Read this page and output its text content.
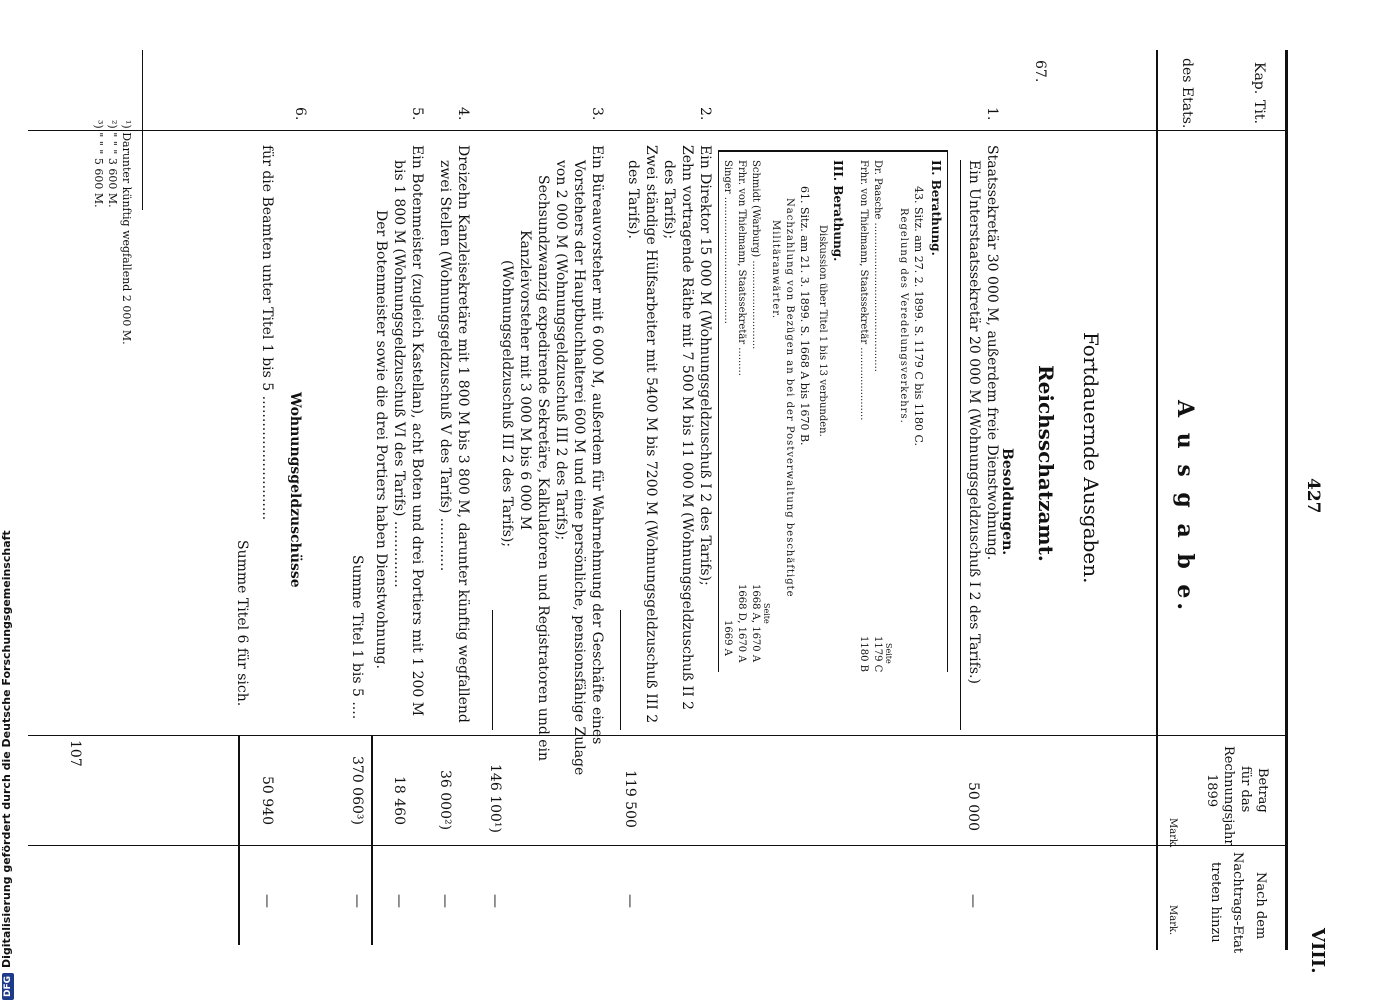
427
VIII.
Kap.
Tit.
des Etats.
Betrag
für das
Rechnungsjahr
1899
Mark.
Nach dem
Nachtrags-Etat
treten hinzu
Mark.
A u s g a b e.
Fortdauernde Ausgaben.
Reichsschatzamt.
67.
Besoldungen.
1.
Staatssekretär 30 000 M, außerdem freie Dienstwohnung.
Ein Unterstaatssekretär 20 000 M (Wohnungsgeldzuschuß I 2 des Tarifs.)
50 000
—
II. Berathung.
43. Sitz. am 27. 2. 1899. S. 1179 C bis 1180 C.
Regelung des Veredelungsverkehrs.
Seite
Dr. Paasche ...............................................
1179 C
Frhr. von Thielmann, Staatssekretär .......................
1180 B
III. Berathung.
Diskussion über Titel 1 bis 13 verbunden.
61. Sitz. am 21. 3. 1899. S. 1668 A bis 1670 B.
Nachzahlung von Bezügen an bei der Postverwaltung beschäftigte
Militäranwärter.
Seite
Schmidt (Warburg) ............................
1668 A, 1670 A
Frhr. von Thielmann, Staatssekretär .........
1668 D, 1670 A
Singer ........................................
1669 A
2.
Ein Direktor 15 000 M (Wohnungsgeldzuschuß I 2 des Tarifs);
Zehn vortragende Räthe mit 7 500 M bis 11 000 M (Wohnungsgeldzuschuß II 2
des Tarifs);
Zwei ständige Hülfsarbeiter mit 5400 M bis 7200 M (Wohnungsgeldzuschuß III 2
des Tarifs).
119 500
—
3.
Ein Büreauvorsteher mit 6 000 M, außerdem für Wahrnehmung der Geschäfte eines
Vorstehers der Hauptbuchhalterei 600 M und eine persönliche, pensionsfähige Zulage
von 2 000 M (Wohnungsgeldzuschuß III 2 des Tarifs);
Sechsundzwanzig expedirende Sekretäre, Kalkulatoren und Registratoren und ein
Kanzleivorsteher mit 3 000 M bis 6 000 M
(Wohnungsgeldzuschuß III 2 des Tarifs);
146 100¹)
—
4.
Dreizehn Kanzleisekretäre mit 1 800 M bis 3 800 M, darunter künftig wegfallend
zwei Stellen (Wohnungsgeldzuschuß V des Tarifs) ............
36 000²)
—
5.
Ein Botenmeister (zugleich Kastellan), acht Boten und drei Portiers mit 1 200 M
bis 1 800 M (Wohnungsgeldzuschuß VI des Tarifs) ...............
Der Botenmeister sowie die drei Portiers haben Dienstwohnung.
18 460
—
Summe Titel 1 bis 5 ....
370 060³)
—
6.
Wohnungsgeldzuschüsse
für die Beamten unter Titel 1 bis 5 ............................
50 940
—
Summe Titel 6 für sich.
¹) Darunter künftig wegfallend 2 000 M.
²) " " " 3 600 M.
³) " " " 5 600 M.
107
DFGDigitalisierung gefördert durch die Deutsche Forschungsgemeinschaft
